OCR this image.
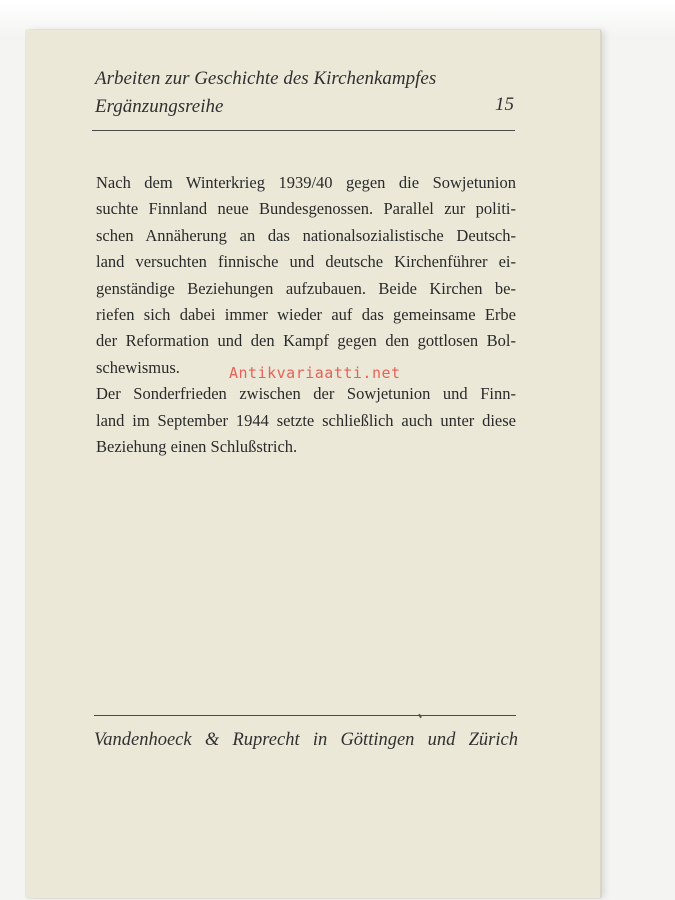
Arbeiten zur Geschichte des Kirchenkampfes
Ergänzungsreihe	15
Nach dem Winterkrieg 1939/40 gegen die Sowjetunion
suchte Finnland neue Bundesgenossen. Parallel zur politi-
schen Annäherung an das nationalsozialistische Deutsch-
land versuchten finnische und deutsche Kirchenführer ei-
genständige Beziehungen aufzubauen. Beide Kirchen be-
riefen sich dabei immer wieder auf das gemeinsame Erbe
der Reformation und den Kampf gegen den gottlosen Bol-
schewismus.
Der Sonderfrieden zwischen der Sowjetunion und Finn-
land im September 1944 setzte schließlich auch unter diese
Beziehung einen Schlußstrich.
Antikvariaatti.net
Vandenhoeck & Ruprecht in Göttingen und Zürich
